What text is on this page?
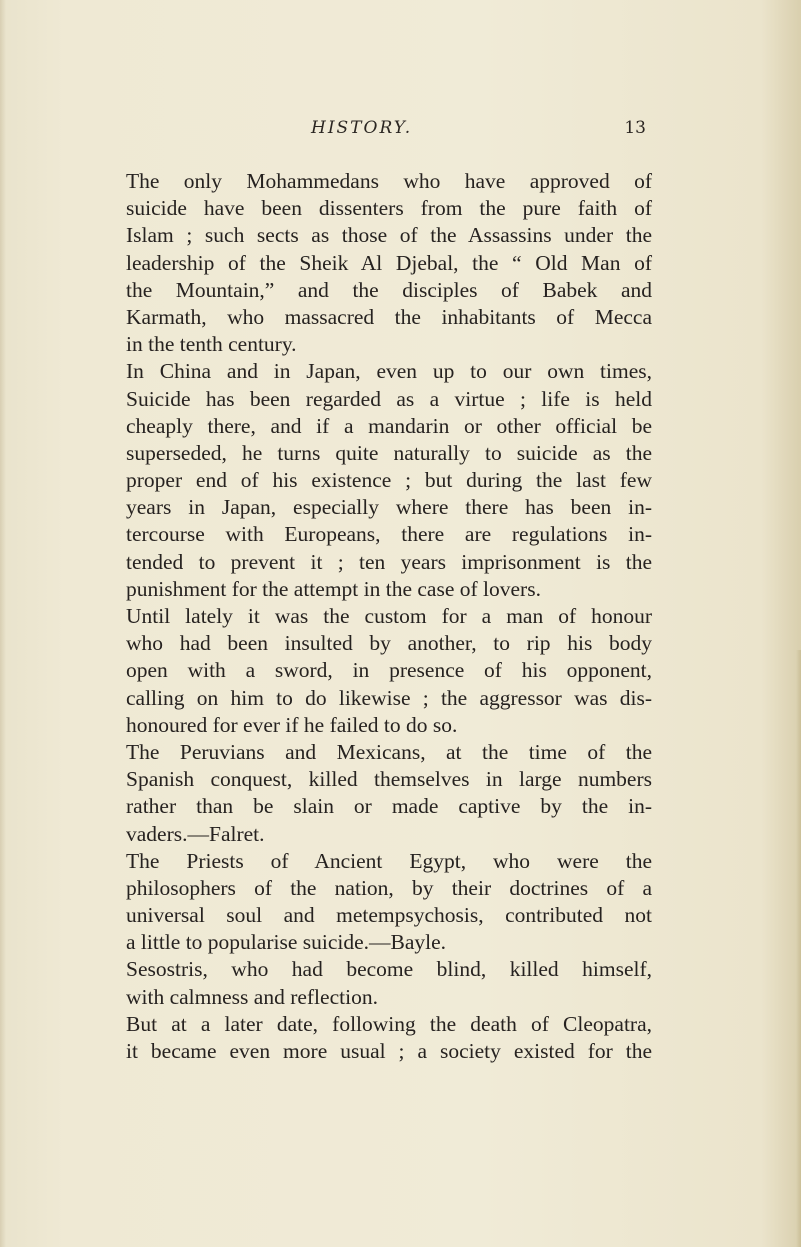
HISTORY.	13
The only Mohammedans who have approved of
suicide have been dissenters from the pure faith of
Islam ; such sects as those of the Assassins under the
leadership of the Sheik Al Djebal, the “ Old Man of
the Mountain,” and the disciples of Babek and
Karmath, who massacred the inhabitants of Mecca
in the tenth century.
In China and in Japan, even up to our own times,
Suicide has been regarded as a virtue ; life is held
cheaply there, and if a mandarin or other official be
superseded, he turns quite naturally to suicide as the
proper end of his existence ; but during the last few
years in Japan, especially where there has been in-
tercourse with Europeans, there are regulations in-
tended to prevent it ; ten years imprisonment is the
punishment for the attempt in the case of lovers.
Until lately it was the custom for a man of honour
who had been insulted by another, to rip his body
open with a sword, in presence of his opponent,
calling on him to do likewise ; the aggressor was dis-
honoured for ever if he failed to do so.
The Peruvians and Mexicans, at the time of the
Spanish conquest, killed themselves in large numbers
rather than be slain or made captive by the in-
vaders.—Falret.
The Priests of Ancient Egypt, who were the
philosophers of the nation, by their doctrines of a
universal soul and metempsychosis, contributed not
a little to popularise suicide.—Bayle.
Sesostris, who had become blind, killed himself,
with calmness and reflection.
But at a later date, following the death of Cleopatra,
it became even more usual ; a society existed for the
